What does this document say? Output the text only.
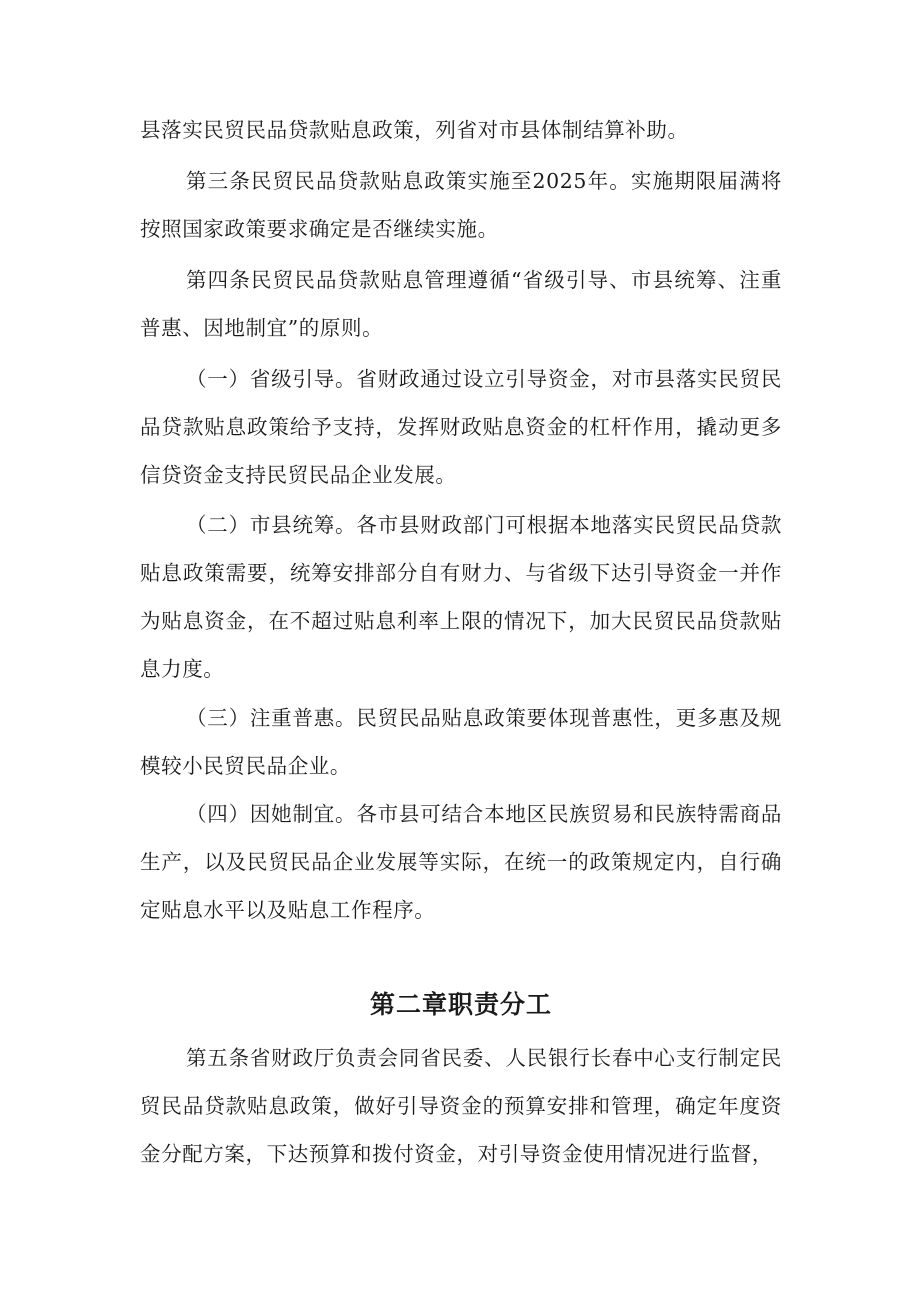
县落实民贸民品贷款贴息政策，列省对市县体制结算补助。

第三条民贸民品贷款贴息政策实施至2025年。实施期限届满将按照国家政策要求确定是否继续实施。

第四条民贸民品贷款贴息管理遵循“省级引导、市县统筹、注重普惠、因地制宜”的原则。

（一）省级引导。省财政通过设立引导资金，对市县落实民贸民品贷款贴息政策给予支持，发挥财政贴息资金的杠杆作用，撬动更多信贷资金支持民贸民品企业发展。

（二）市县统筹。各市县财政部门可根据本地落实民贸民品贷款贴息政策需要，统筹安排部分自有财力、与省级下达引导资金一并作为贴息资金，在不超过贴息利率上限的情况下，加大民贸民品贷款贴息力度。

（三）注重普惠。民贸民品贴息政策要体现普惠性，更多惠及规模较小民贸民品企业。

（四）因她制宜。各市县可结合本地区民族贸易和民族特需商品生产，以及民贸民品企业发展等实际，在统一的政策规定内，自行确定贴息水平以及贴息工作程序。

第二章职责分工

第五条省财政厅负责会同省民委、人民银行长春中心支行制定民贸民品贷款贴息政策，做好引导资金的预算安排和管理，确定年度资金分配方案，下达预算和拨付资金，对引导资金使用情况进行监督，
